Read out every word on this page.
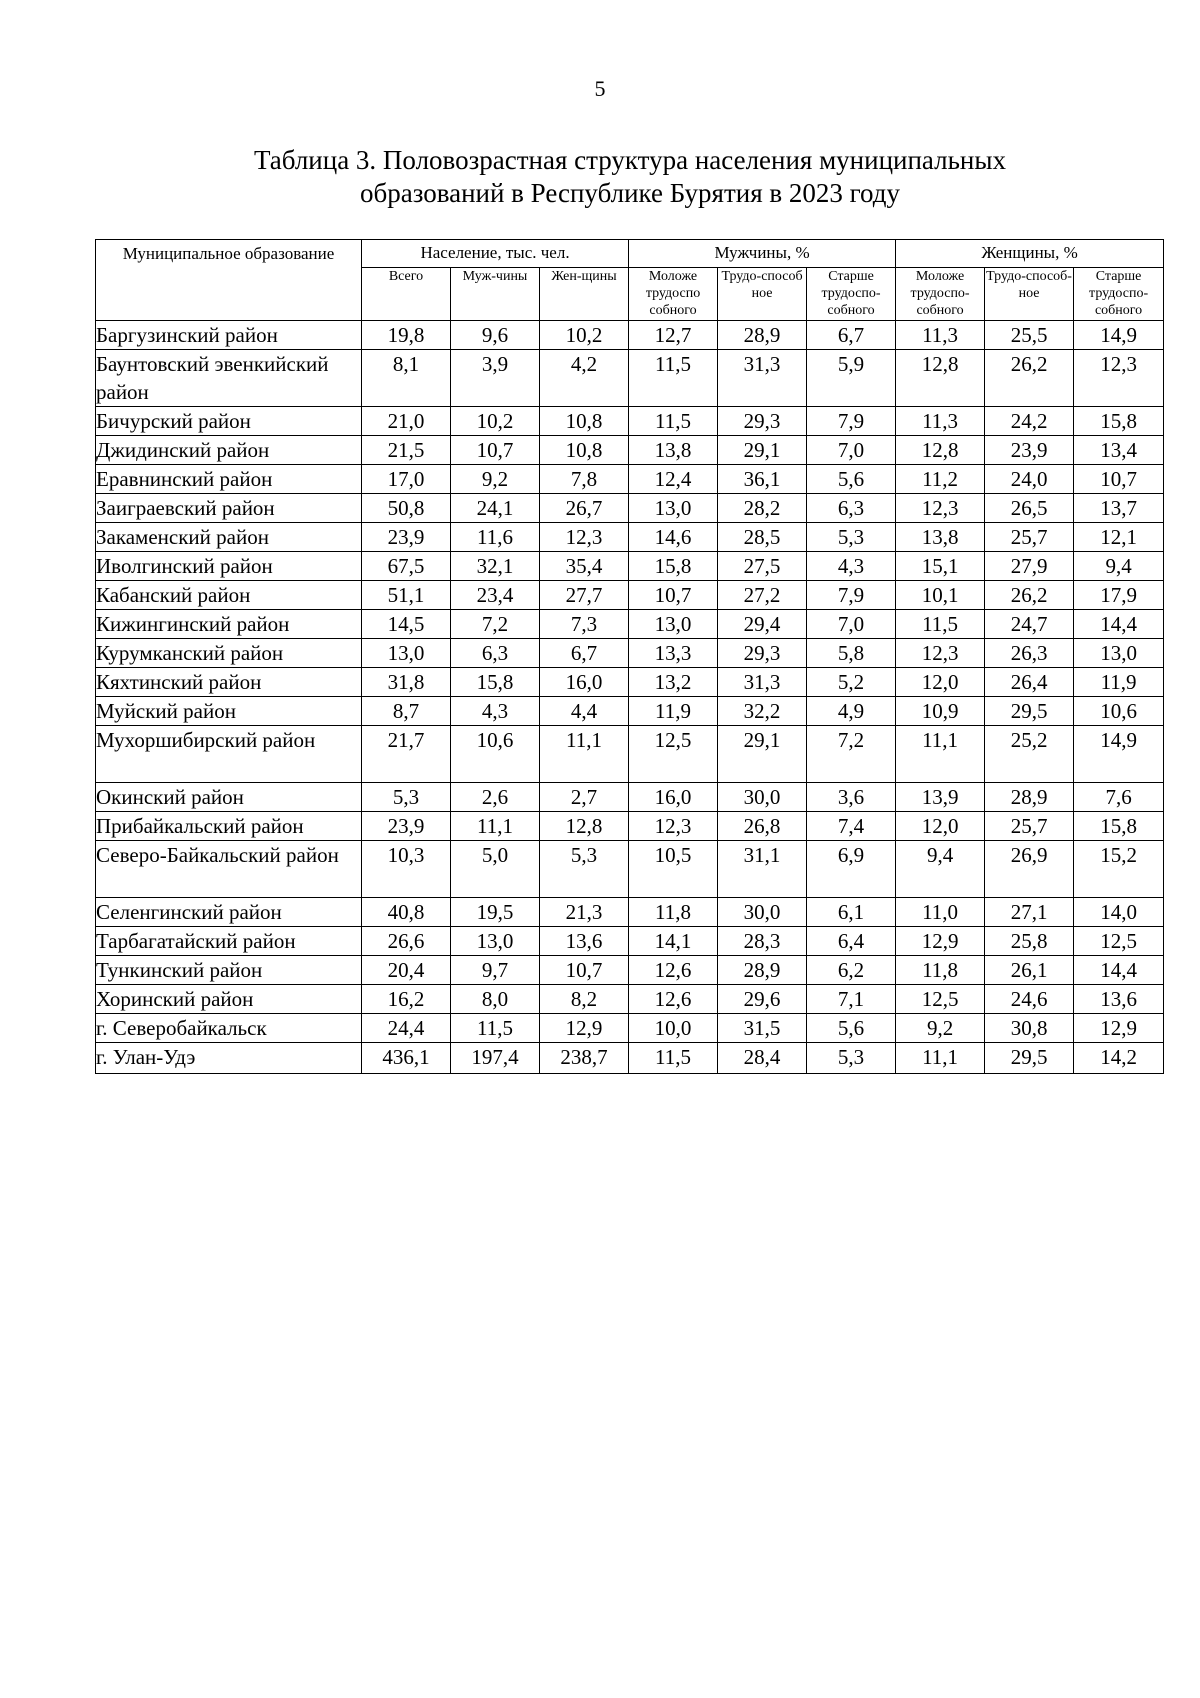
5
Таблица 3. Половозрастная структура населения муниципальных
образований в Республике Бурятия в 2023 году
Муниципальное образование	Население, тыс. чел.			Мужчины, %			Женщины, %		
	Всего	Муж-чины	Жен-щины	Моложе трудоспо собного	Трудо-способ ное	Старше трудоспо-собного	Моложе трудоспо-собного	Трудо-способ-ное	Старше трудоспо-собного
Баргузинский район	19,8	9,6	10,2	12,7	28,9	6,7	11,3	25,5	14,9
Баунтовский эвенкийский район	8,1	3,9	4,2	11,5	31,3	5,9	12,8	26,2	12,3
Бичурский район	21,0	10,2	10,8	11,5	29,3	7,9	11,3	24,2	15,8
Джидинский район	21,5	10,7	10,8	13,8	29,1	7,0	12,8	23,9	13,4
Еравнинский район	17,0	9,2	7,8	12,4	36,1	5,6	11,2	24,0	10,7
Заиграевский район	50,8	24,1	26,7	13,0	28,2	6,3	12,3	26,5	13,7
Закаменский район	23,9	11,6	12,3	14,6	28,5	5,3	13,8	25,7	12,1
Иволгинский район	67,5	32,1	35,4	15,8	27,5	4,3	15,1	27,9	9,4
Кабанский район	51,1	23,4	27,7	10,7	27,2	7,9	10,1	26,2	17,9
Кижингинский район	14,5	7,2	7,3	13,0	29,4	7,0	11,5	24,7	14,4
Курумканский район	13,0	6,3	6,7	13,3	29,3	5,8	12,3	26,3	13,0
Кяхтинский район	31,8	15,8	16,0	13,2	31,3	5,2	12,0	26,4	11,9
Муйский район	8,7	4,3	4,4	11,9	32,2	4,9	10,9	29,5	10,6
Мухоршибирский район	21,7	10,6	11,1	12,5	29,1	7,2	11,1	25,2	14,9
Окинский район	5,3	2,6	2,7	16,0	30,0	3,6	13,9	28,9	7,6
Прибайкальский район	23,9	11,1	12,8	12,3	26,8	7,4	12,0	25,7	15,8
Северо-Байкальский район	10,3	5,0	5,3	10,5	31,1	6,9	9,4	26,9	15,2
Селенгинский район	40,8	19,5	21,3	11,8	30,0	6,1	11,0	27,1	14,0
Тарбагатайский район	26,6	13,0	13,6	14,1	28,3	6,4	12,9	25,8	12,5
Тункинский район	20,4	9,7	10,7	12,6	28,9	6,2	11,8	26,1	14,4
Хоринский район	16,2	8,0	8,2	12,6	29,6	7,1	12,5	24,6	13,6
г. Северобайкальск	24,4	11,5	12,9	10,0	31,5	5,6	9,2	30,8	12,9
г. Улан-Удэ	436,1	197,4	238,7	11,5	28,4	5,3	11,1	29,5	14,2
